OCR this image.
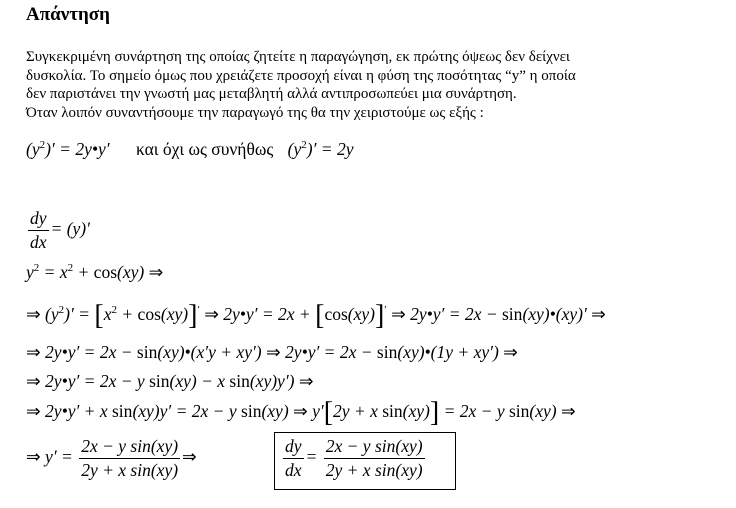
Απάντηση
Συγκεκριμένη συνάρτηση της οποίας ζητείτε η παραγώγηση, εκ πρώτης όψεως δεν δείχνει
δυσκολία. Το σημείο όμως που χρειάζετε προσοχή είναι η φύση της ποσότητας “y” η οποία
δεν παριστάνει την γνωστή μας μεταβλητή αλλά αντιπροσωπεύει μια συνάρτηση.
Όταν λοιπόν συναντήσουμε την παραγωγό της θα την χειριστούμε ως εξής :
$(y^2)'$ = 2y•y′ και όχι ως συνήθως $(y^2)' = 2y$
$\frac{dy}{dx} = (y)'$
$y^2 = x^2 + \cos(xy)$ ⇒
⇒ $(y^2)' = [x^2 + \cos(xy)]'$ ⇒ 2y•y′ = 2x + [cos(xy)]′ ⇒ 2y•y′ = 2x − sin(xy)•(xy)′ ⇒
⇒ 2y•y′ = 2x − sin(xy)•(x′y + xy′) ⇒ 2y•y′ = 2x − sin(xy)•(1y + xy′) ⇒
⇒ 2y•y′ = 2x − y sin(xy) − x sin(xy)y′) ⇒
⇒ 2y•y′ + x sin(xy)y′ = 2x − y sin(xy) ⇒ y′[2y + x sin(xy)] = 2x − y sin(xy) ⇒
⇒ $y' = \frac{\text{2x − y sin(xy)}}{\text{2y + x sin(xy)}}$ ⇒	$\frac{dy}{dx} = \frac{\text{2x − y sin(xy)}}{\text{2y + x sin(xy)}}$
